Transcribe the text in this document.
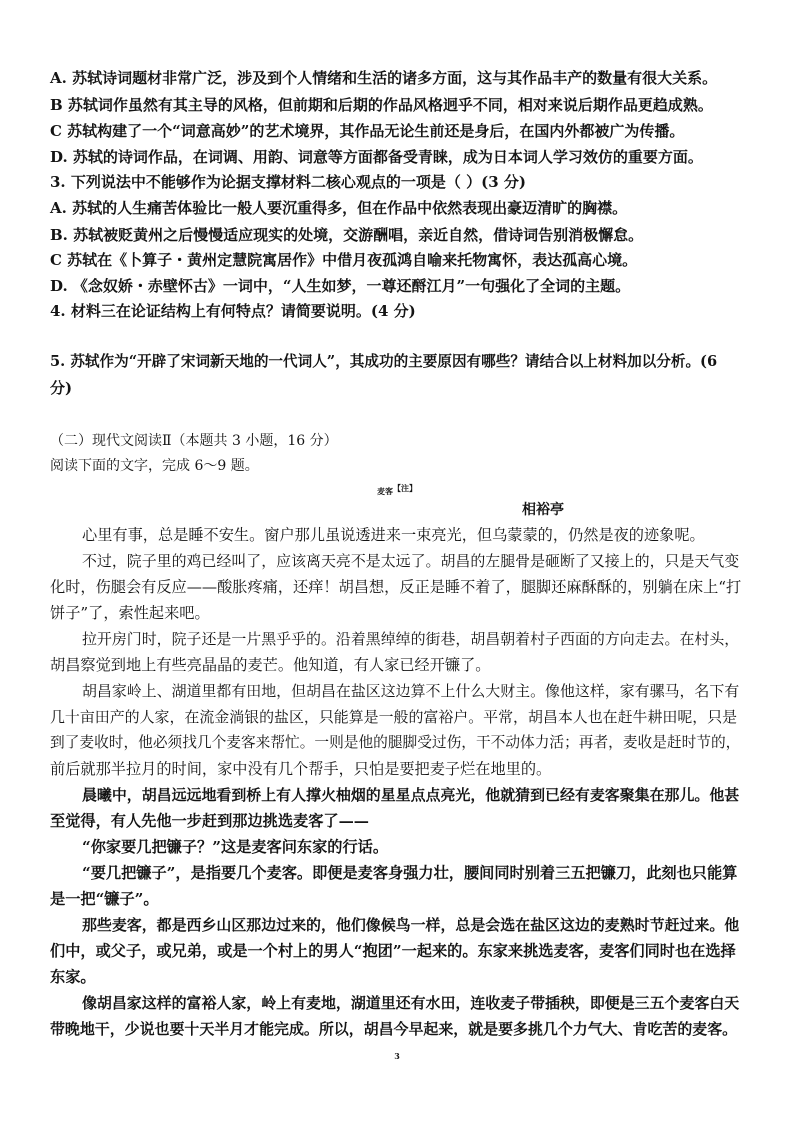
A. 苏轼诗词题材非常广泛，涉及到个人情绪和生活的诸多方面，这与其作品丰产的数量有很大关系。
B 苏轼词作虽然有其主导的风格，但前期和后期的作品风格迥乎不同，相对来说后期作品更趋成熟。
C 苏轼构建了一个“词意高妙”的艺术境界，其作品无论生前还是身后，在国内外都被广为传播。
D. 苏轼的诗词作品，在词调、用韵、词意等方面都备受青睐，成为日本词人学习效仿的重要方面。
3. 下列说法中不能够作为论据支撑材料二核心观点的一项是（ ）(3 分)
A. 苏轼的人生痛苦体验比一般人要沉重得多，但在作品中依然表现出豪迈清旷的胸襟。
B. 苏轼被贬黄州之后慢慢适应现实的处境，交游酬唱，亲近自然，借诗词告别消极懈怠。
C 苏轼在《卜算子・黄州定慧院寓居作》中借月夜孤鸿自喻来托物寓怀，表达孤高心境。
D. 《念奴娇・赤壁怀古》一词中，“人生如梦，一尊还酹江月”一句强化了全词的主题。
4. 材料三在论证结构上有何特点？请简要说明。(4 分)
5. 苏轼作为“开辟了宋词新天地的一代词人”，其成功的主要原因有哪些？请结合以上材料加以分析。(6
分)
（二）现代文阅读Ⅱ（本题共 3 小题，16 分）
阅读下面的文字，完成 6～9 题。
麦客$^{【注】}$
相裕亭
心里有事，总是睡不安生。窗户那儿虽说透进来一束亮光，但乌蒙蒙的，仍然是夜的迹象呢。
不过，院子里的鸡已经叫了，应该离天亮不是太远了。胡昌的左腿骨是砸断了又接上的，只是天气变
化时，伤腿会有反应——酸胀疼痛，还痒！胡昌想，反正是睡不着了，腿脚还麻酥酥的，别躺在床上“打
饼子”了，索性起来吧。
拉开房门时，院子还是一片黑乎乎的。沿着黑绰绰的街巷，胡昌朝着村子西面的方向走去。在村头，
胡昌察觉到地上有些亮晶晶的麦芒。他知道，有人家已经开镰了。
胡昌家岭上、湖道里都有田地，但胡昌在盐区这边算不上什么大财主。像他这样，家有骡马，名下有
几十亩田产的人家，在流金淌银的盐区，只能算是一般的富裕户。平常，胡昌本人也在赶牛耕田呢，只是
到了麦收时，他必须找几个麦客来帮忙。一则是他的腿脚受过伤，干不动体力活；再者，麦收是赶时节的，
前后就那半拉月的时间，家中没有几个帮手，只怕是要把麦子烂在地里的。
晨曦中，胡昌远远地看到桥上有人撑火柚烟的星星点点亮光，他就猜到已经有麦客聚集在那儿。他甚
至觉得，有人先他一步赶到那边挑选麦客了——
“你家要几把镰子？”这是麦客问东家的行话。
“要几把镰子”，是指要几个麦客。即便是麦客身强力壮，腰间同时别着三五把镰刀，此刻也只能算
是一把“镰子”。
那些麦客，都是西乡山区那边过来的，他们像候鸟一样，总是会选在盐区这边的麦熟时节赶过来。他
们中，或父子，或兄弟，或是一个村上的男人“抱团”一起来的。东家来挑选麦客，麦客们同时也在选择
东家。
像胡昌家这样的富裕人家，岭上有麦地，湖道里还有水田，连收麦子带插秧，即便是三五个麦客白天
带晚地干，少说也要十天半月才能完成。所以，胡昌今早起来，就是要多挑几个力气大、肯吃苦的麦客。
3
